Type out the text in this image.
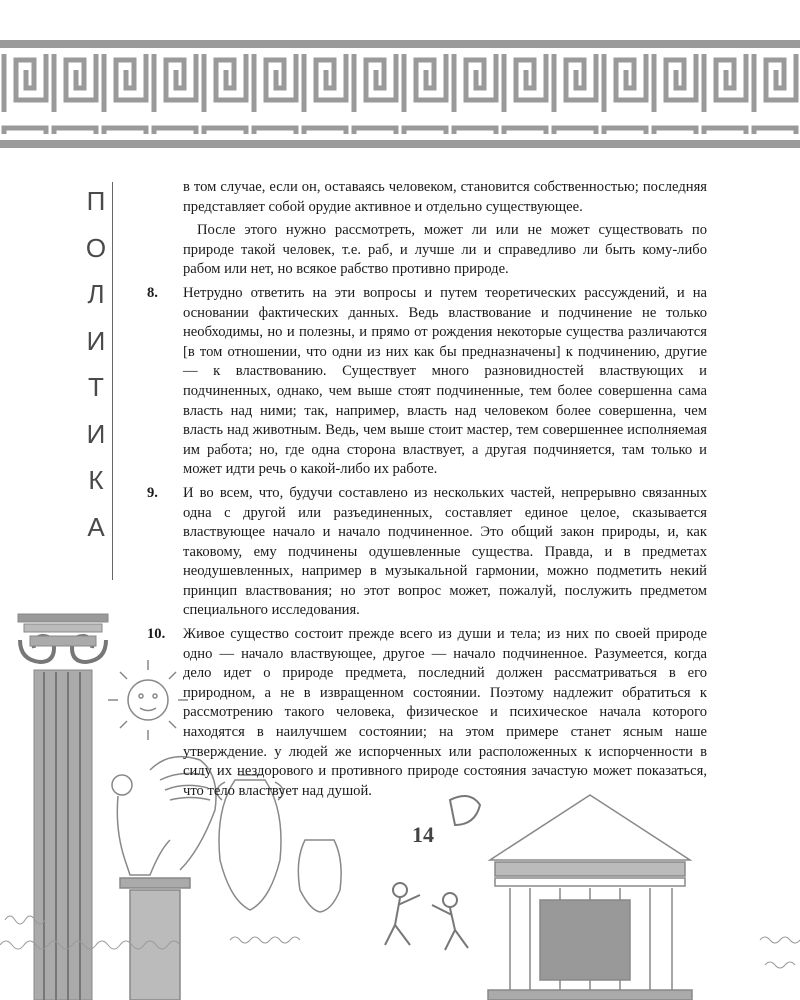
П
О
Л
И
Т
И
К
А

в том случае, если он, оставаясь человеком, становится собственностью; последняя представляет собой орудие активное и отдельно существующее.

После этого нужно рассмотреть, может ли или не может существовать по природе такой человек, т.е. раб, и лучше ли и справедливо ли быть кому-либо рабом или нет, но всякое рабство противно природе.

8. Нетрудно ответить на эти вопросы и путем теоретических рассуждений, и на основании фактических данных. Ведь властвование и подчинение не только необходимы, но и полезны, и прямо от рождения некоторые существа различаются [в том отношении, что одни из них как бы предназначены] к подчинению, другие — к властвованию. Существует много разновидностей властвующих и подчиненных, однако, чем выше стоят подчиненные, тем более совершенна сама власть над ними; так, например, власть над человеком более совершенна, чем власть над животным. Ведь, чем выше стоит мастер, тем совершеннее исполняемая им работа; но, где одна сторона властвует, а другая подчиняется, там только и может идти речь о какой-либо их работе.

9. И во всем, что, будучи составлено из нескольких частей, непрерывно связанных одна с другой или разъединенных, составляет единое целое, сказывается властвующее начало и начало подчиненное. Это общий закон природы, и, как таковому, ему подчинены одушевленные существа. Правда, и в предметах неодушевленных, например в музыкальной гармонии, можно подметить некий принцип властвования; но этот вопрос может, пожалуй, послужить предметом специального исследования.

10. Живое существо состоит прежде всего из души и тела; из них по своей природе одно — начало властвующее, другое — начало подчиненное. Разумеется, когда дело идет о природе предмета, последний должен рассматриваться в его природном, а не в извращенном состоянии. Поэтому надлежит обратиться к рассмотрению такого человека, физическое и психическое начала которого находятся в наилучшем состоянии; на этом примере станет ясным наше утверждение. у людей же испорченных или расположенных к испорченности в силу их нездорового и противного природе состояния зачастую может показаться, что тело властвует над душой.

14
